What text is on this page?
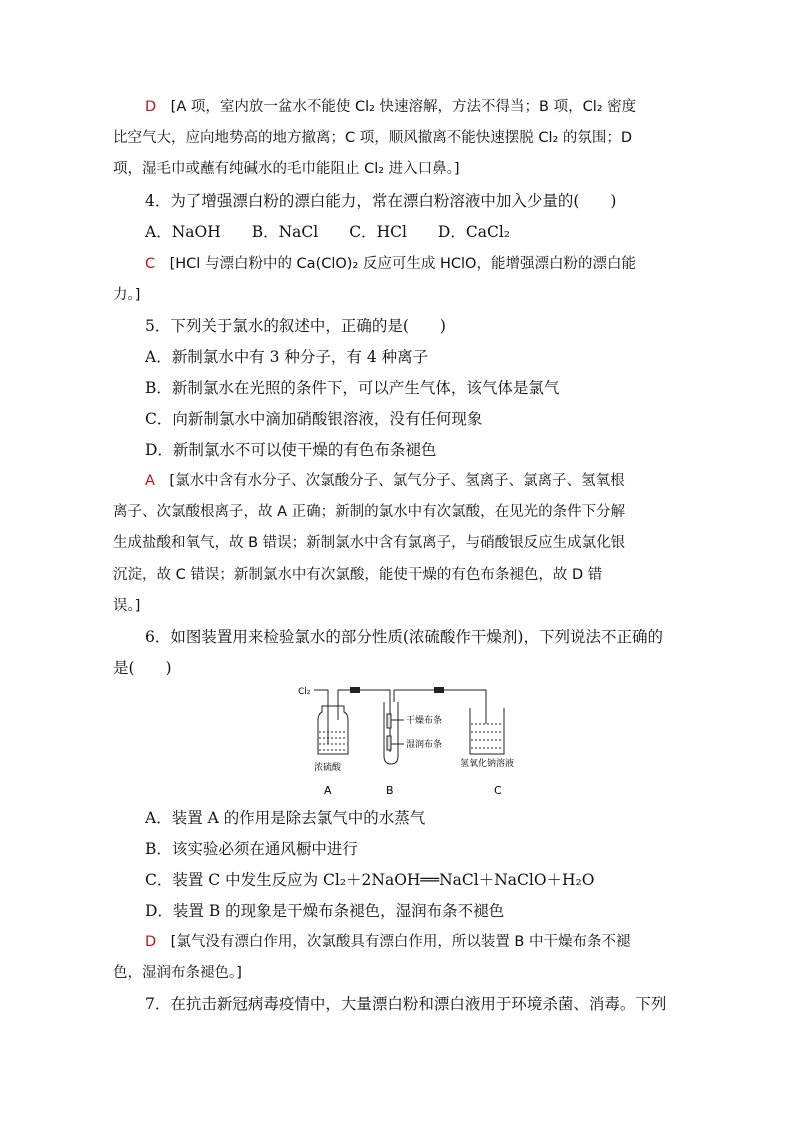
D　 [A 项，室内放一盆水不能使 Cl₂ 快速溶解，方法不得当；B 项，Cl₂ 密度
比空气大，应向地势高的地方撤离；C 项，顺风撤离不能快速摆脱 Cl₂ 的氛围；D
项，湿毛巾或蘸有纯碱水的毛巾能阻止 Cl₂ 进入口鼻。]
4．为了增强漂白粉的漂白能力，常在漂白粉溶液中加入少量的(　　)
A．NaOH　　B．NaCl　　C．HCl　　D．CaCl₂
C　 [HCl 与漂白粉中的 Ca(ClO)₂ 反应可生成 HClO，能增强漂白粉的漂白能
力。]
5．下列关于氯水的叙述中，正确的是(　　)
A．新制氯水中有 3 种分子，有 4 种离子
B．新制氯水在光照的条件下，可以产生气体，该气体是氯气
C．向新制氯水中滴加硝酸银溶液，没有任何现象
D．新制氯水不可以使干燥的有色布条褪色
A　 [氯水中含有水分子、次氯酸分子、氯气分子、氢离子、氯离子、氢氧根
离子、次氯酸根离子，故 A 正确；新制的氯水中有次氯酸，在见光的条件下分解
生成盐酸和氧气，故 B 错误；新制氯水中含有氯离子，与硝酸银反应生成氯化银
沉淀，故 C 错误；新制氯水中有次氯酸，能使干燥的有色布条褪色，故 D 错
误。]
6．如图装置用来检验氯水的部分性质(浓硫酸作干燥剂)，下列说法不正确的
是(　　)
Cl₂
干燥布条
湿润布条
浓硫酸	氢氧化钠溶液
A	B	C
A．装置 A 的作用是除去氯气中的水蒸气
B．该实验必须在通风橱中进行
C．装置 C 中发生反应为 Cl₂＋2NaOH══NaCl＋NaClO＋H₂O
D．装置 B 的现象是干燥布条褪色，湿润布条不褪色
D　 [氯气没有漂白作用，次氯酸具有漂白作用，所以装置 B 中干燥布条不褪
色，湿润布条褪色。]
7．在抗击新冠病毒疫情中，大量漂白粉和漂白液用于环境杀菌、消毒。下列
